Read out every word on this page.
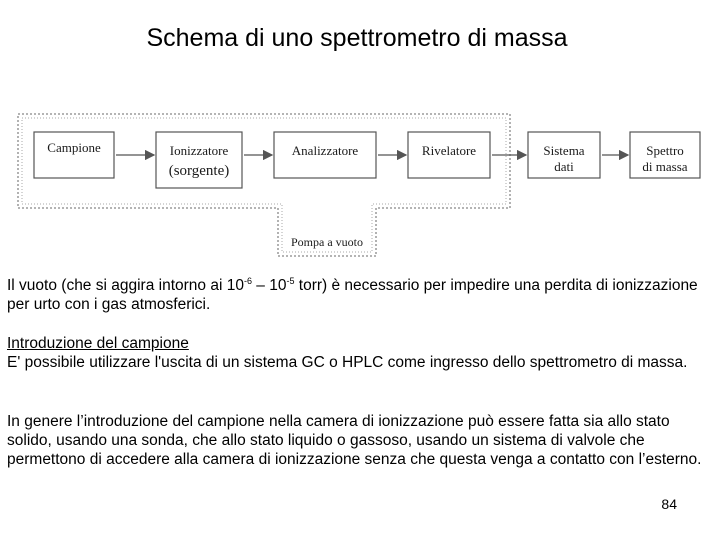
Schema di uno spettrometro di massa
Campione	Ionizzatore
(sorgente)
Analizzatore	Rivelatore	Sistema
dati
Spettro
di massa
Pompa a vuoto
Il vuoto (che si aggira intorno ai $10^{-6} - 10^{-5}$ torr) è necessario per impedire una perdita di ionizzazione per urto con i gas atmosferici.
Introduzione del campione
E' possibile utilizzare l'uscita di un sistema GC o HPLC come ingresso dello spettrometro di massa.
In genere l’introduzione del campione nella camera di ionizzazione può essere fatta sia allo stato solido, usando una sonda, che allo stato liquido o gassoso, usando un sistema di valvole che permettono di accedere alla camera di ionizzazione senza che questa venga a contatto con l’esterno.
84
